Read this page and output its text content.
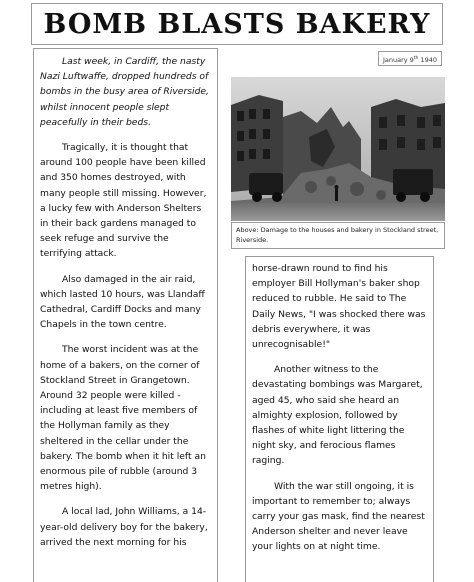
BOMB BLASTS BAKERY

Last week, in Cardiff, the nasty Nazi Luftwaffe, dropped hundreds of bombs in the busy area of Riverside, whilst innocent people slept peacefully in their beds.

Tragically, it is thought that around 100 people have been killed and 350 homes destroyed, with many people still missing. However, a lucky few with Anderson Shelters in their back gardens managed to seek refuge and survive the terrifying attack.

Also damaged in the air raid, which lasted 10 hours, was Llandaff Cathedral, Cardiff Docks and many Chapels in the town centre.

The worst incident was at the home of a bakers, on the corner of Stockland Street in Grangetown. Around 32 people were killed - including at least five members of the Hollyman family as they sheltered in the cellar under the bakery. The bomb when it hit left an enormous pile of rubble (around 3 metres high).

A local lad, John Williams, a 14-year-old delivery boy for the bakery, arrived the next morning for his

January 9th 1940
Above: Damage to the houses and bakery in Stockland street, Riverside.

horse-drawn round to find his employer Bill Hollyman's baker shop reduced to rubble. He said to The Daily News, "I was shocked there was debris everywhere, it was unrecognisable!"

Another witness to the devastating bombings was Margaret, aged 45, who said she heard an almighty explosion, followed by flashes of white light littering the night sky, and ferocious flames raging.

With the war still ongoing, it is important to remember to; always carry your gas mask, find the nearest Anderson shelter and never leave your lights on at night time.
